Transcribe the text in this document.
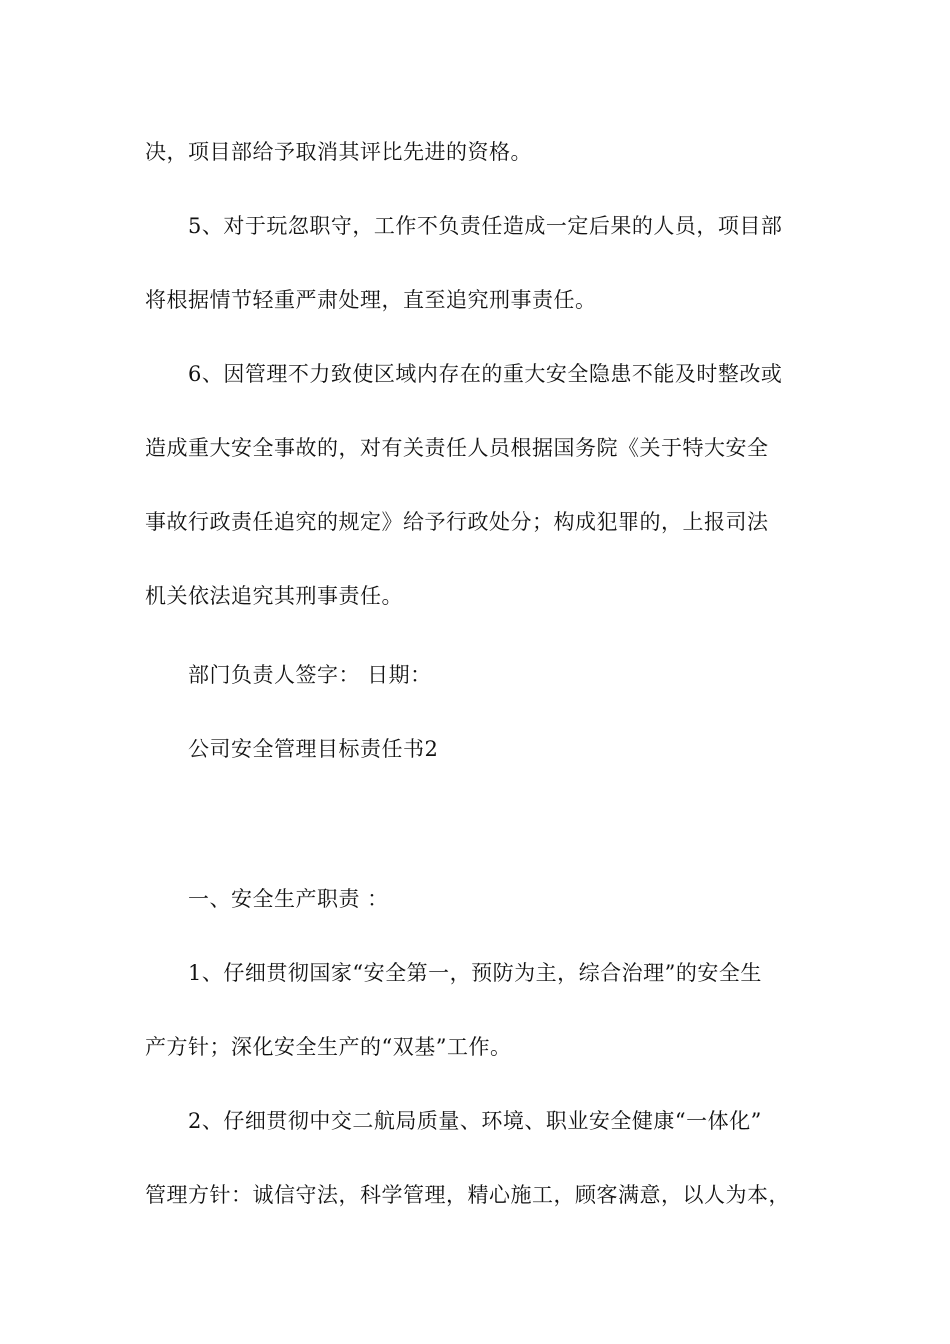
决，项目部给予取消其评比先进的资格。
5、对于玩忽职守，工作不负责任造成一定后果的人员，项目部
将根据情节轻重严肃处理，直至追究刑事责任。
6、因管理不力致使区域内存在的重大安全隐患不能及时整改或
造成重大安全事故的，对有关责任人员根据国务院《关于特大安全
事故行政责任追究的规定》给予行政处分；构成犯罪的，上报司法
机关依法追究其刑事责任。
部门负责人签字： 日期：
公司安全管理目标责任书2
一、安全生产职责 ：
1、仔细贯彻国家“安全第一，预防为主，综合治理”的安全生
产方针；深化安全生产的“双基”工作。
2、仔细贯彻中交二航局质量、环境、职业安全健康“一体化”
管理方针：诚信守法，科学管理，精心施工，顾客满意，以人为本，
